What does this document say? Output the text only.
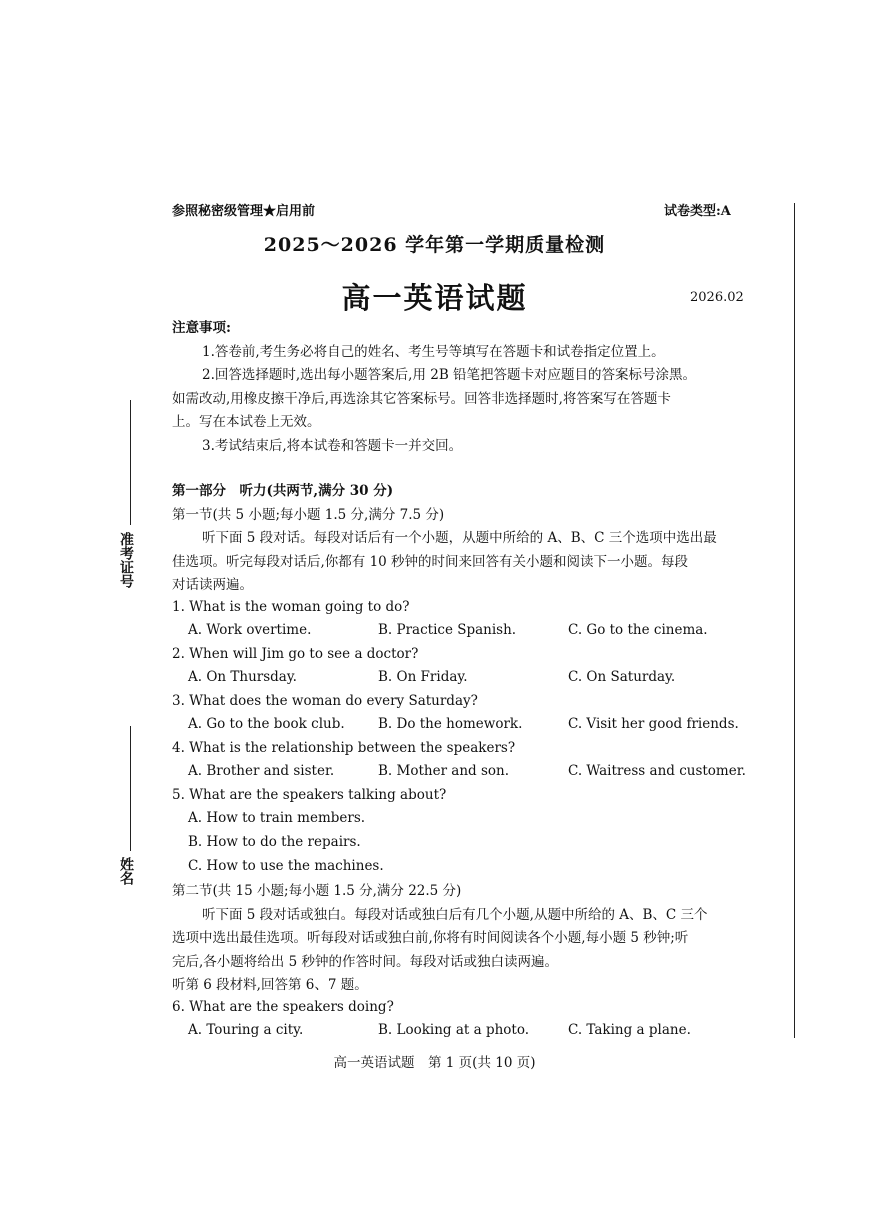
参照秘密级管理★启用前	试卷类型:A
2025～2026 学年第一学期质量检测
高一英语试题	2026.02
准考证号
姓名
注意事项:
1.答卷前,考生务必将自己的姓名、考生号等填写在答题卡和试卷指定位置上。
2.回答选择题时,选出每小题答案后,用 2B 铅笔把答题卡对应题目的答案标号涂黑。
如需改动,用橡皮擦干净后,再选涂其它答案标号。回答非选择题时,将答案写在答题卡
上。写在本试卷上无效。
3.考试结束后,将本试卷和答题卡一并交回。
第一部分　听力(共两节,满分 30 分)
第一节(共 5 小题;每小题 1.5 分,满分 7.5 分)
听下面 5 段对话。每段对话后有一个小题，从题中所给的 A、B、C 三个选项中选出最
佳选项。听完每段对话后,你都有 10 秒钟的时间来回答有关小题和阅读下一小题。每段
对话读两遍。
1. What is the woman going to do?
A. Work overtime.	B. Practice Spanish.	C. Go to the cinema.
2. When will Jim go to see a doctor?
A. On Thursday.	B. On Friday.	C. On Saturday.
3. What does the woman do every Saturday?
A. Go to the book club. B. Do the homework.	C. Visit her good friends.
4. What is the relationship between the speakers?
A. Brother and sister.	B. Mother and son.	C. Waitress and customer.
5. What are the speakers talking about?
A. How to train members.
B. How to do the repairs.
C. How to use the machines.
第二节(共 15 小题;每小题 1.5 分,满分 22.5 分)
听下面 5 段对话或独白。每段对话或独白后有几个小题,从题中所给的 A、B、C 三个
选项中选出最佳选项。听每段对话或独白前,你将有时间阅读各个小题,每小题 5 秒钟;听
完后,各小题将给出 5 秒钟的作答时间。每段对话或独白读两遍。
听第 6 段材料,回答第 6、7 题。
6. What are the speakers doing?
A. Touring a city.	B. Looking at a photo.	C. Taking a plane.
高一英语试题　第 1 页(共 10 页)
